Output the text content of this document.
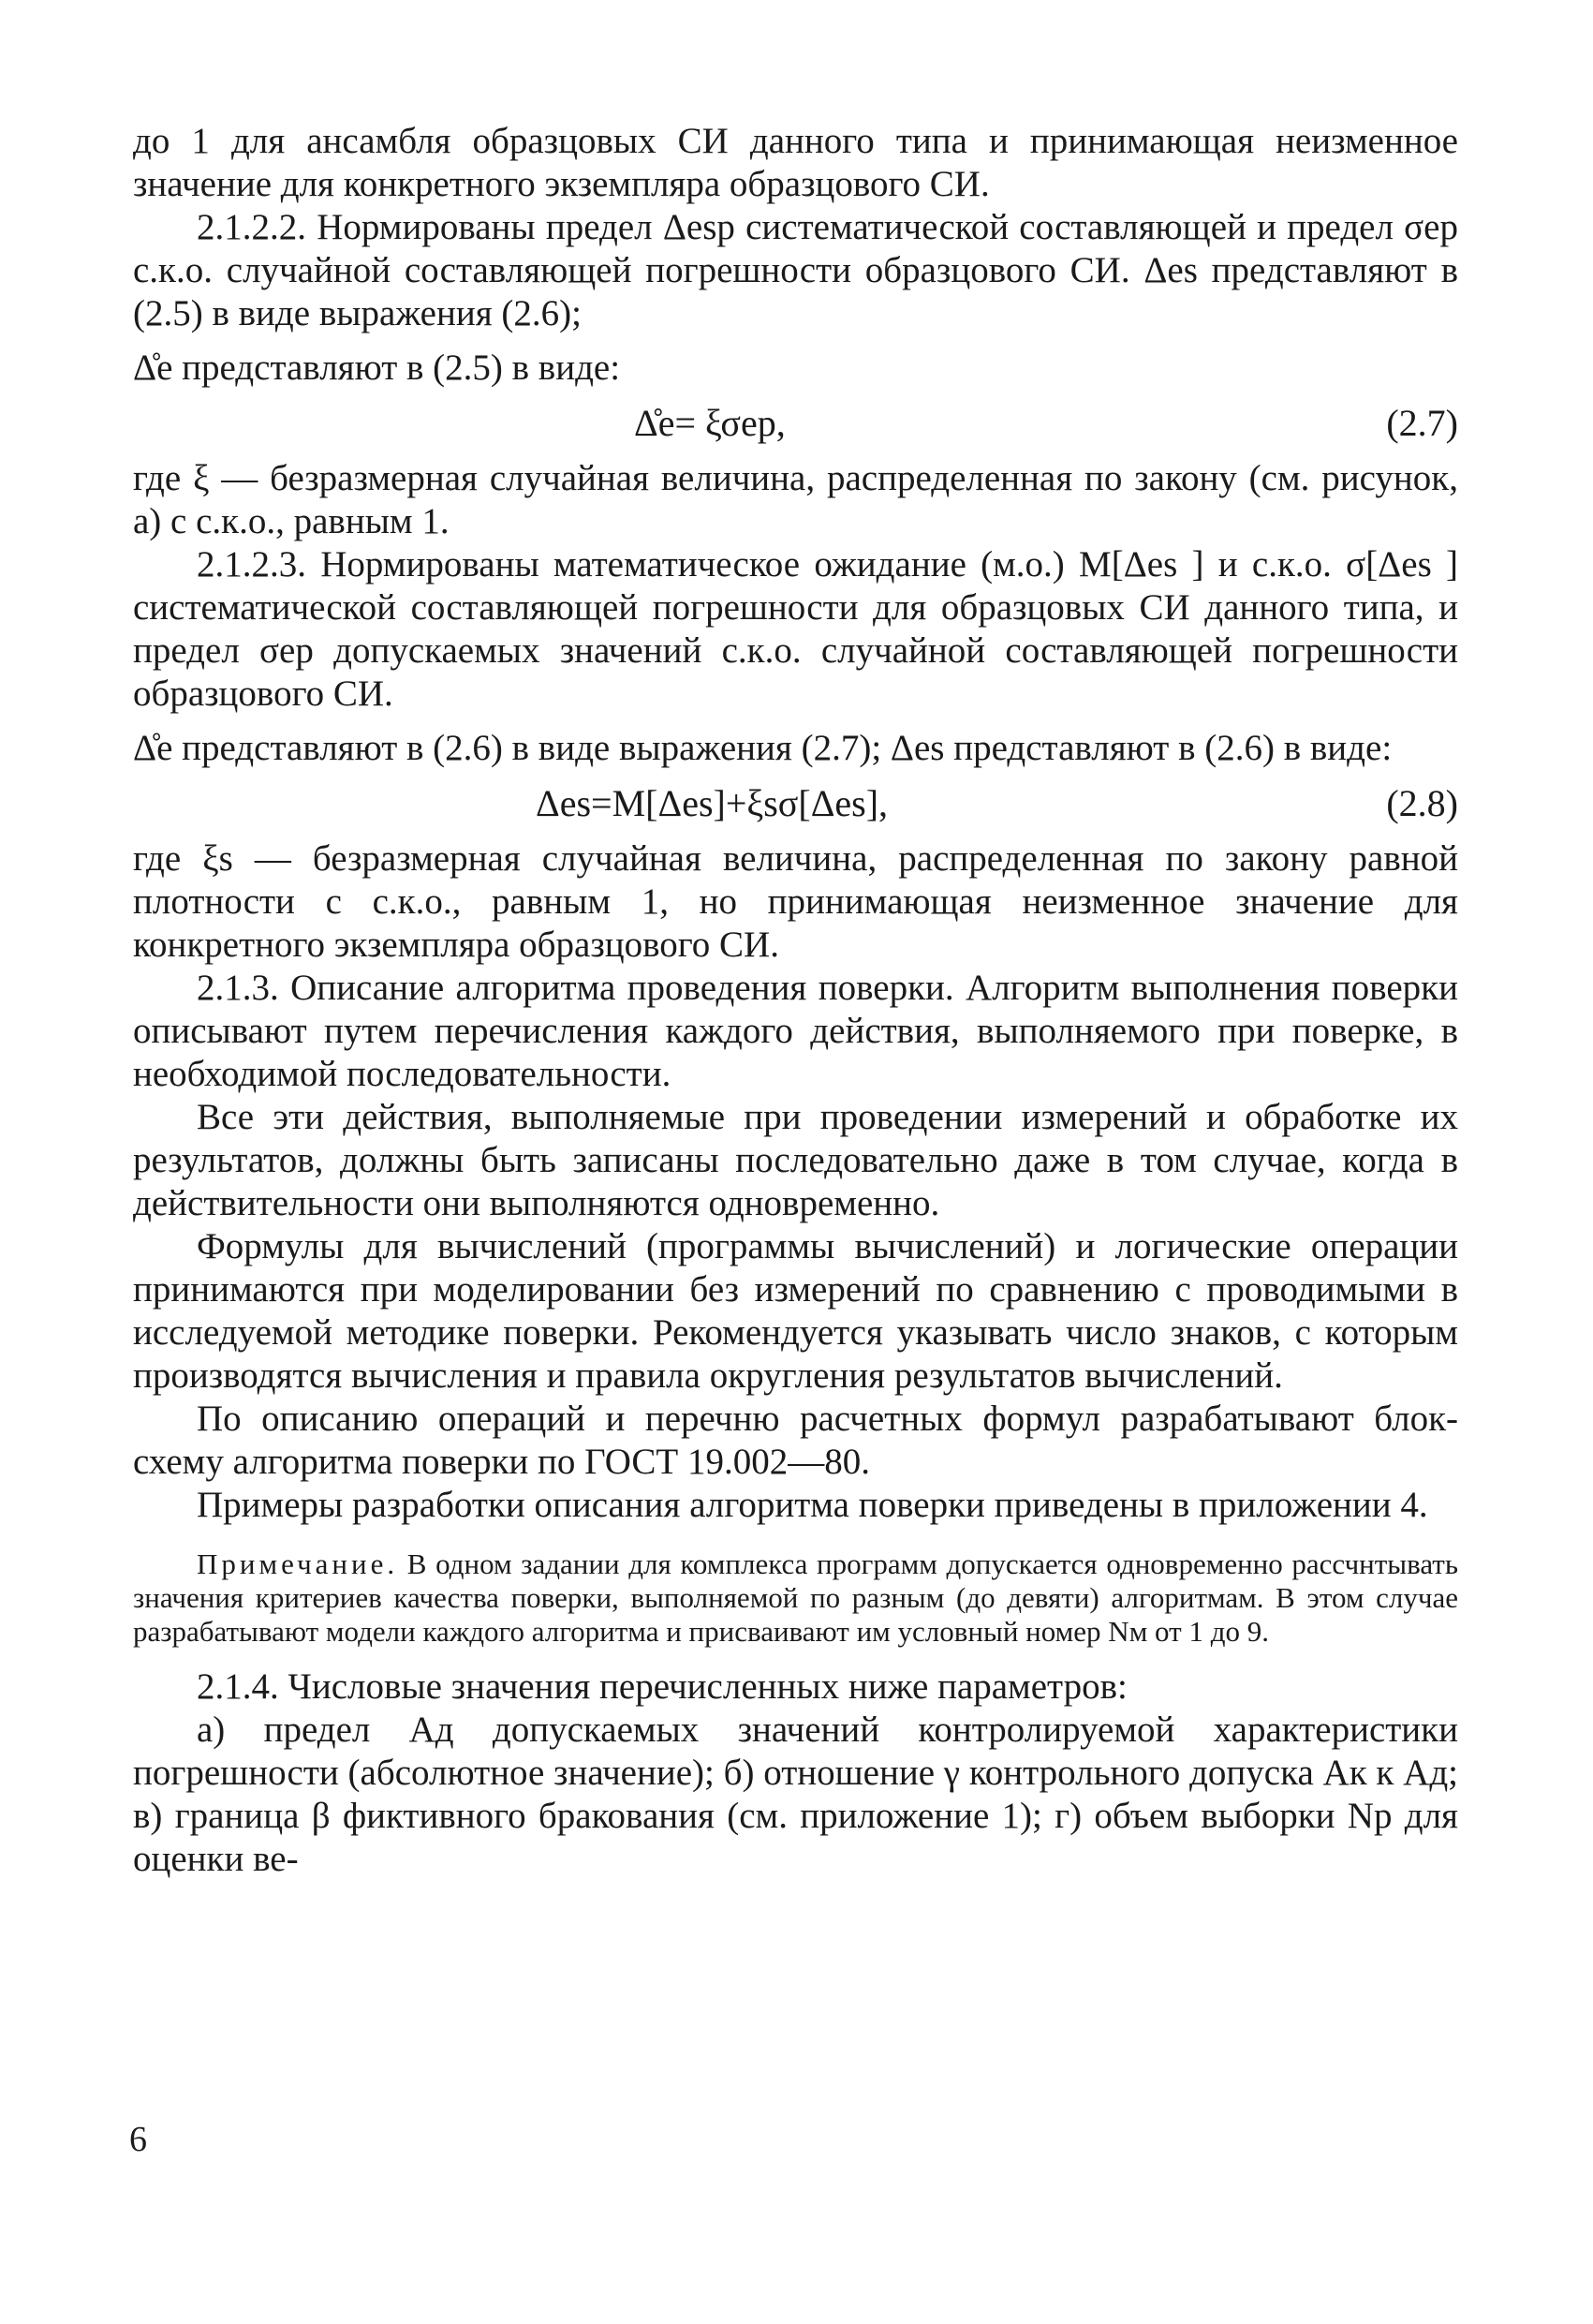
до 1 для ансамбля образцовых СИ данного типа и принимающая неизменное значение для конкретного экземпляра образцового СИ.

2.1.2.2. Нормированы предел Δesp систематической составляющей и предел σер с.к.о. случайной составляющей погрешности образцового СИ. Δes представляют в (2.5) в виде выражения (2.6);

Δ̊е представляют в (2.5) в виде:

Δ̊е= ξσер,	(2.7)

где ξ — безразмерная случайная величина, распределенная по закону (см. рисунок, а) с с.к.о., равным 1.

2.1.2.3. Нормированы математическое ожидание (м.о.) М[Δes ] и с.к.о. σ[Δes ] систематической составляющей погрешности для образцовых СИ данного типа, и предел σер допускаемых значений с.к.о. случайной составляющей погрешности образцового СИ.

Δ̊е представляют в (2.6) в виде выражения (2.7); Δes представляют в (2.6) в виде:

Δes=М[Δes]+ξsσ[Δes],	(2.8)

где ξs — безразмерная случайная величина, распределенная по закону равной плотности с с.к.о., равным 1, но принимающая неизменное значение для конкретного экземпляра образцового СИ.

2.1.3. Описание алгоритма проведения поверки. Алгоритм выполнения поверки описывают путем перечисления каждого действия, выполняемого при поверке, в необходимой последовательности.

Все эти действия, выполняемые при проведении измерений и обработке их результатов, должны быть записаны последовательно даже в том случае, когда в действительности они выполняются одновременно.

Формулы для вычислений (программы вычислений) и логические операции принимаются при моделировании без измерений по сравнению с проводимыми в исследуемой методике поверки. Рекомендуется указывать число знаков, с которым производятся вычисления и правила округления результатов вычислений.

По описанию операций и перечню расчетных формул разрабатывают блок-схему алгоритма поверки по ГОСТ 19.002—80.

Примеры разработки описания алгоритма поверки приведены в приложении 4.

Примечание. В одном задании для комплекса программ допускается одновременно рассчнтывать значения критериев качества поверки, выполняемой по разным (до девяти) алгоритмам. В этом случае разрабатывают модели каждого алгоритма и присваивают им условный номер Nм от 1 до 9.

2.1.4. Числовые значения перечисленных ниже параметров:

а) предел Ад допускаемых значений контролируемой характеристики погрешности (абсолютное значение); б) отношение γ контрольного допуска Ак к Ад; в) граница β фиктивного бракования (см. приложение 1); г) объем выборки Nр для оценки ве-

6
